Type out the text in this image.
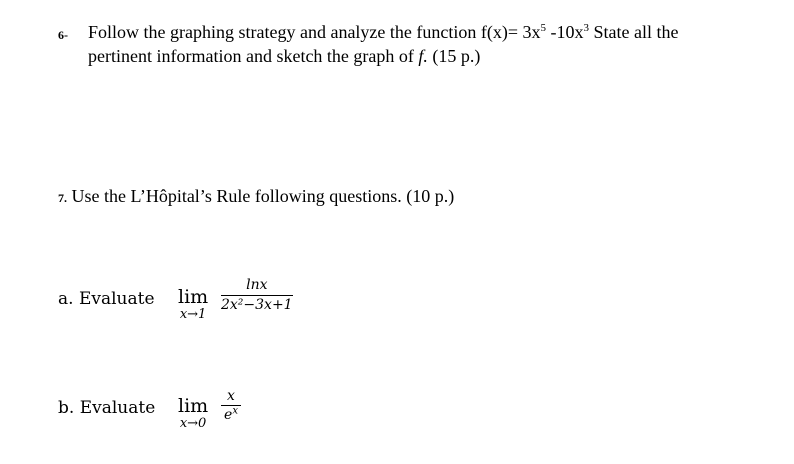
6- Follow the graphing strategy and analyze the function $f(x)= 3x^5$ $-10x^3$ State all the
pertinent information and sketch the graph of f. (15 p.)
7. Use the L’Hôpital’s Rule following questions. (10 p.)
a. Evaluate lim
x→1
lnx
2x²−3x+1
b. Evaluate lim
x→0
x
$e^x$
